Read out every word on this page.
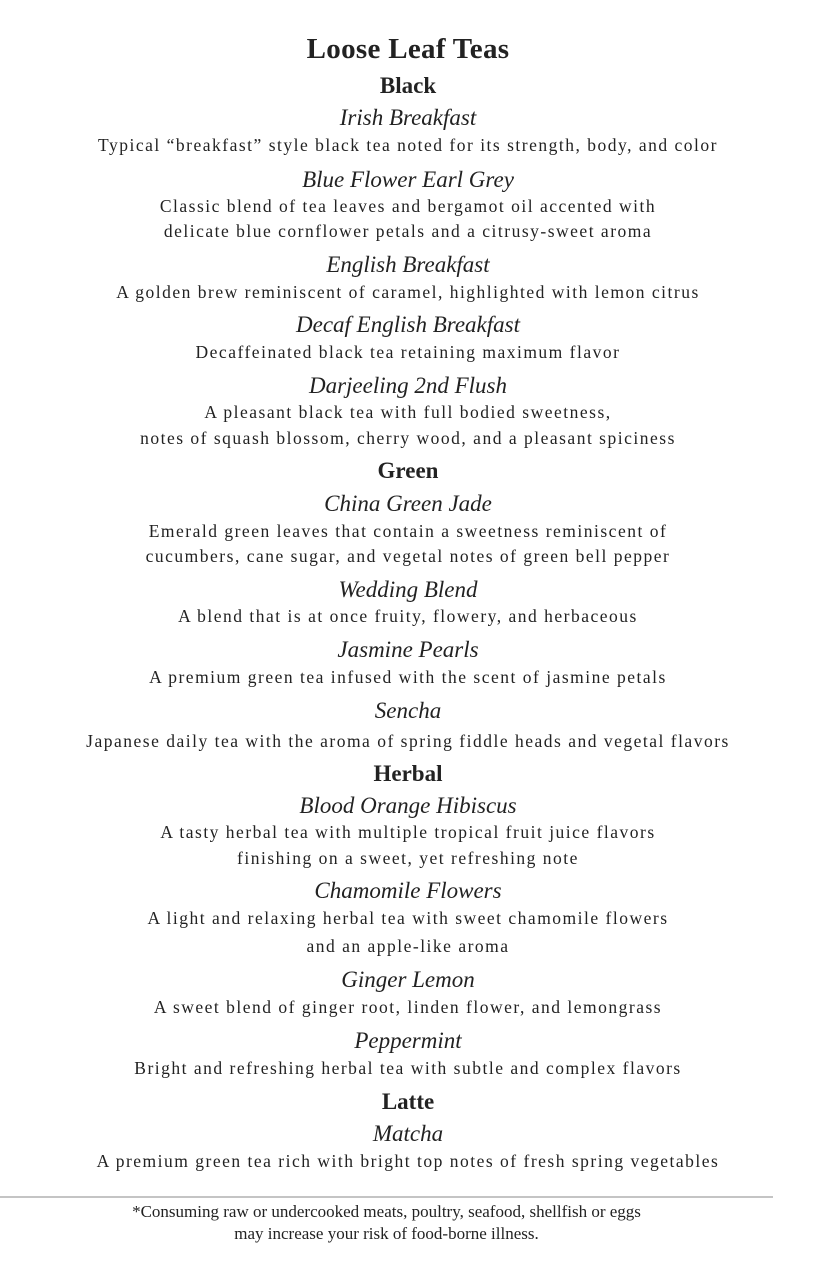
Loose Leaf Teas
Black
Irish Breakfast
Typical “breakfast” style black tea noted for its strength, body, and color
Blue Flower Earl Grey
Classic blend of tea leaves and bergamot oil accented with
delicate blue cornflower petals and a citrusy-sweet aroma
English Breakfast
A golden brew reminiscent of caramel, highlighted with lemon citrus
Decaf English Breakfast
Decaffeinated black tea retaining maximum flavor
Darjeeling 2nd Flush
A pleasant black tea with full bodied sweetness,
notes of squash blossom, cherry wood, and a pleasant spiciness
Green
China Green Jade
Emerald green leaves that contain a sweetness reminiscent of
cucumbers, cane sugar, and vegetal notes of green bell pepper
Wedding Blend
A blend that is at once fruity, flowery, and herbaceous
Jasmine Pearls
A premium green tea infused with the scent of jasmine petals
Sencha
Japanese daily tea with the aroma of spring fiddle heads and vegetal flavors
Herbal
Blood Orange Hibiscus
A tasty herbal tea with multiple tropical fruit juice flavors
finishing on a sweet, yet refreshing note
Chamomile Flowers
A light and relaxing herbal tea with sweet chamomile flowers
and an apple-like aroma
Ginger Lemon
A sweet blend of ginger root, linden flower, and lemongrass
Peppermint
Bright and refreshing herbal tea with subtle and complex flavors
Latte
Matcha
A premium green tea rich with bright top notes of fresh spring vegetables
*Consuming raw or undercooked meats, poultry, seafood, shellfish or eggs
may increase your risk of food-borne illness.
